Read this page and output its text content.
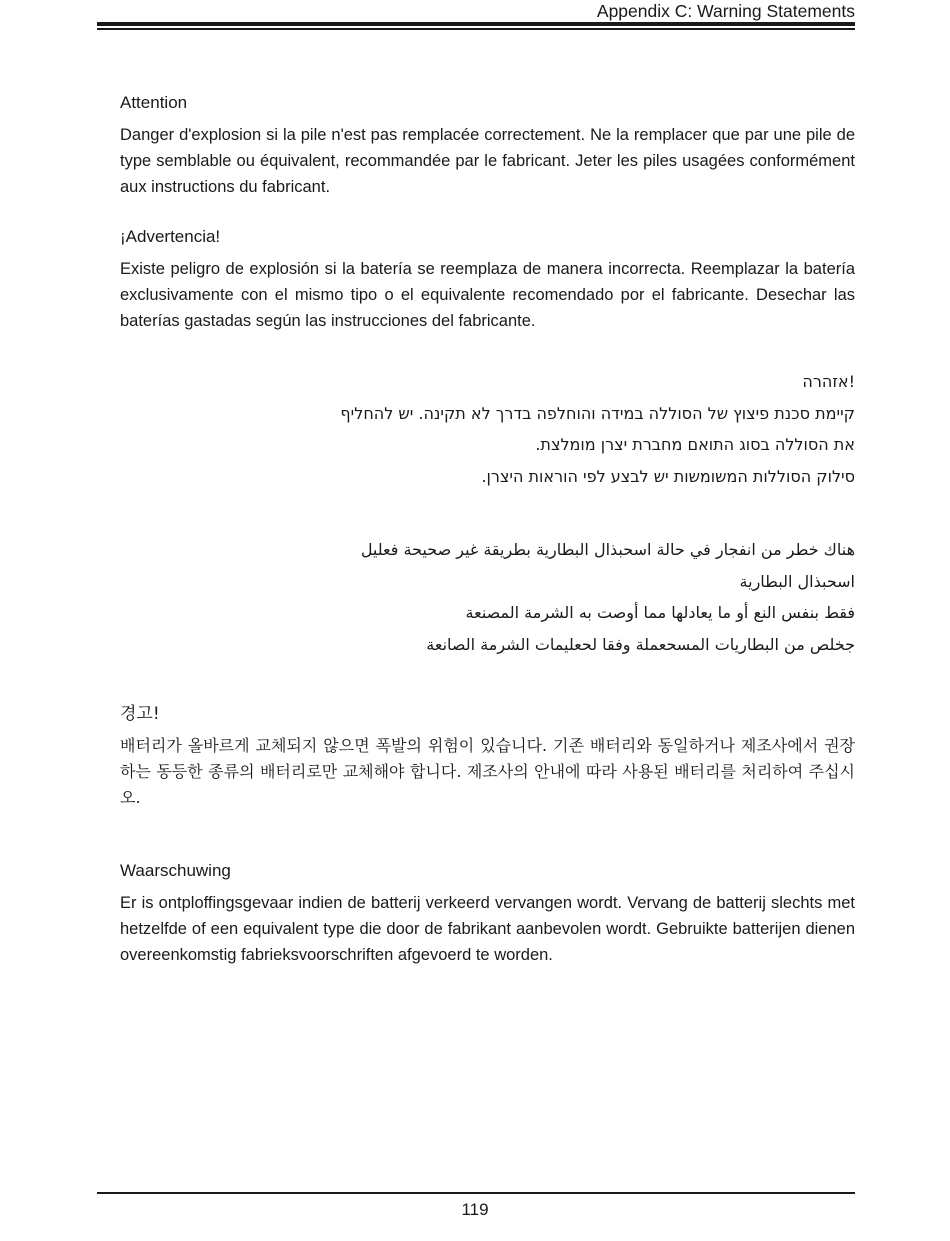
Appendix C: Warning Statements
Attention
Danger d'explosion si la pile n'est pas remplacée correctement. Ne la remplacer que par une pile de type semblable ou équivalent, recommandée par le fabricant. Jeter les piles usagées conformément aux instructions du fabricant.
¡Advertencia!
Existe peligro de explosión si la batería se reemplaza de manera incorrecta. Reemplazar la batería exclusivamente con el mismo tipo o el equivalente recomendado por el fabricante. Desechar las baterías gastadas según las instrucciones del fabricante.
!אזהרה
קיימת סכנת פיצוץ של הסוללה במידה והוחלפה בדרך לא תקינה. יש להחליף
את הסוללה בסוג התואם מחברת יצרן מומלצת.
סילוק הסוללות המשומשות יש לבצע לפי הוראות היצרן.
هناك خطر من انفجار في حالة اسحبذال البطارية بطريقة غير صحيحة فعليل
اسحبذال البطارية
فقط بنفس النع أو ما يعادلها مما أوصت به الشرمة المصنعة
جخلص من البطاريات المسحعملة وفقا لحعليمات الشرمة الصانعة
경고!
배터리가 올바르게 교체되지 않으면 폭발의 위험이 있습니다. 기존 배터리와 동일하거나 제조사에서 권장하는 동등한 종류의 배터리로만 교체해야 합니다. 제조사의 안내에 따라 사용된 배터리를 처리하여 주십시오.
Waarschuwing
Er is ontploffingsgevaar indien de batterij verkeerd vervangen wordt. Vervang de batterij slechts met hetzelfde of een equivalent type die door de fabrikant aanbevolen wordt. Gebruikte batterijen dienen overeenkomstig fabrieksvoorschriften afgevoerd te worden.
119
